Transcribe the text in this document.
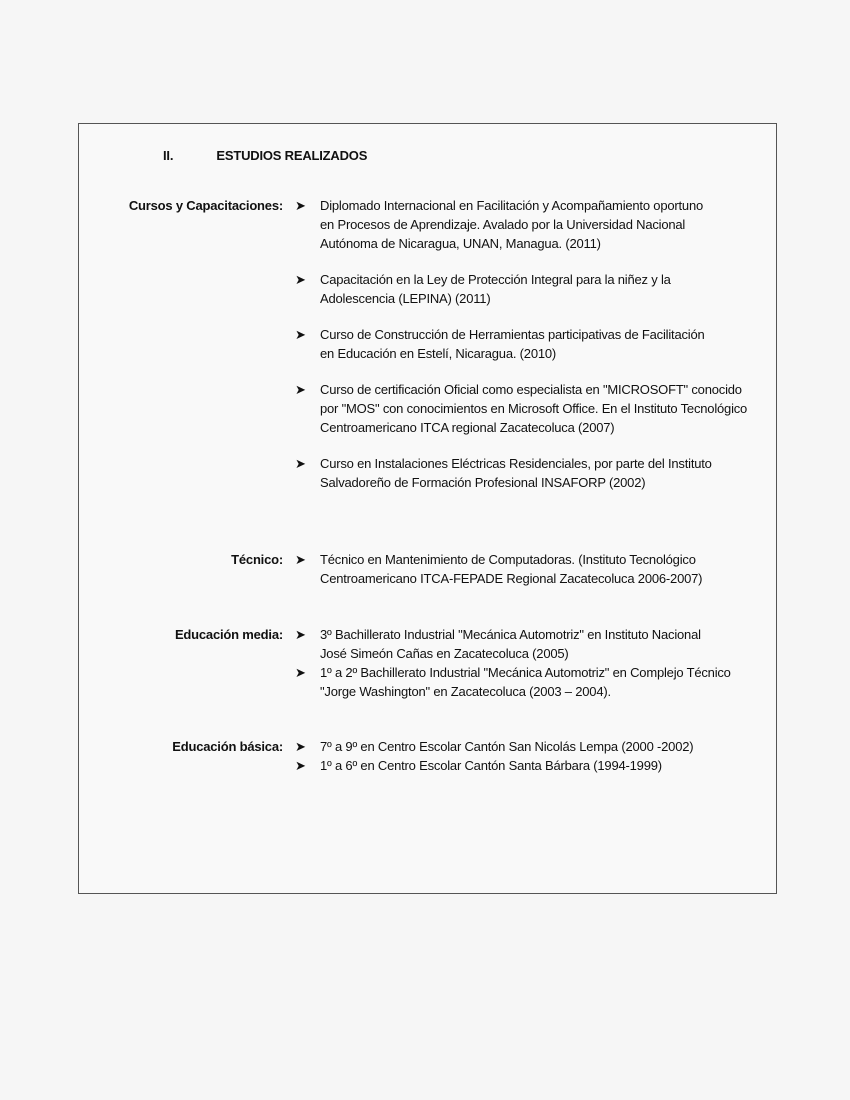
II.	ESTUDIOS REALIZADOS
Cursos y Capacitaciones: ➤ Diplomado Internacional en Facilitación y Acompañamiento oportuno en Procesos de Aprendizaje. Avalado por la Universidad Nacional Autónoma de Nicaragua, UNAN, Managua. (2011)
➤ Capacitación en la Ley de Protección Integral para la niñez y la Adolescencia (LEPINA) (2011)
➤ Curso de Construcción de Herramientas participativas de Facilitación en Educación en Estelí, Nicaragua. (2010)
➤ Curso de certificación Oficial como especialista en "MICROSOFT" conocido por "MOS" con conocimientos en Microsoft Office. En el Instituto Tecnológico Centroamericano ITCA regional Zacatecoluca (2007)
➤ Curso en Instalaciones Eléctricas Residenciales, por parte del Instituto Salvadoreño de Formación Profesional INSAFORP (2002)
Técnico: ➤ Técnico en Mantenimiento de Computadoras. (Instituto Tecnológico Centroamericano ITCA-FEPADE Regional Zacatecoluca 2006-2007)
Educación media: ➤ 3º Bachillerato Industrial "Mecánica Automotriz" en Instituto Nacional José Simeón Cañas en Zacatecoluca (2005)
➤ 1º a 2º Bachillerato Industrial "Mecánica Automotriz" en Complejo Técnico "Jorge Washington" en Zacatecoluca (2003 – 2004).
Educación básica: ➤ 7º a 9º en Centro Escolar Cantón San Nicolás Lempa (2000 -2002)
➤ 1º a 6º en Centro Escolar Cantón Santa Bárbara (1994-1999)
